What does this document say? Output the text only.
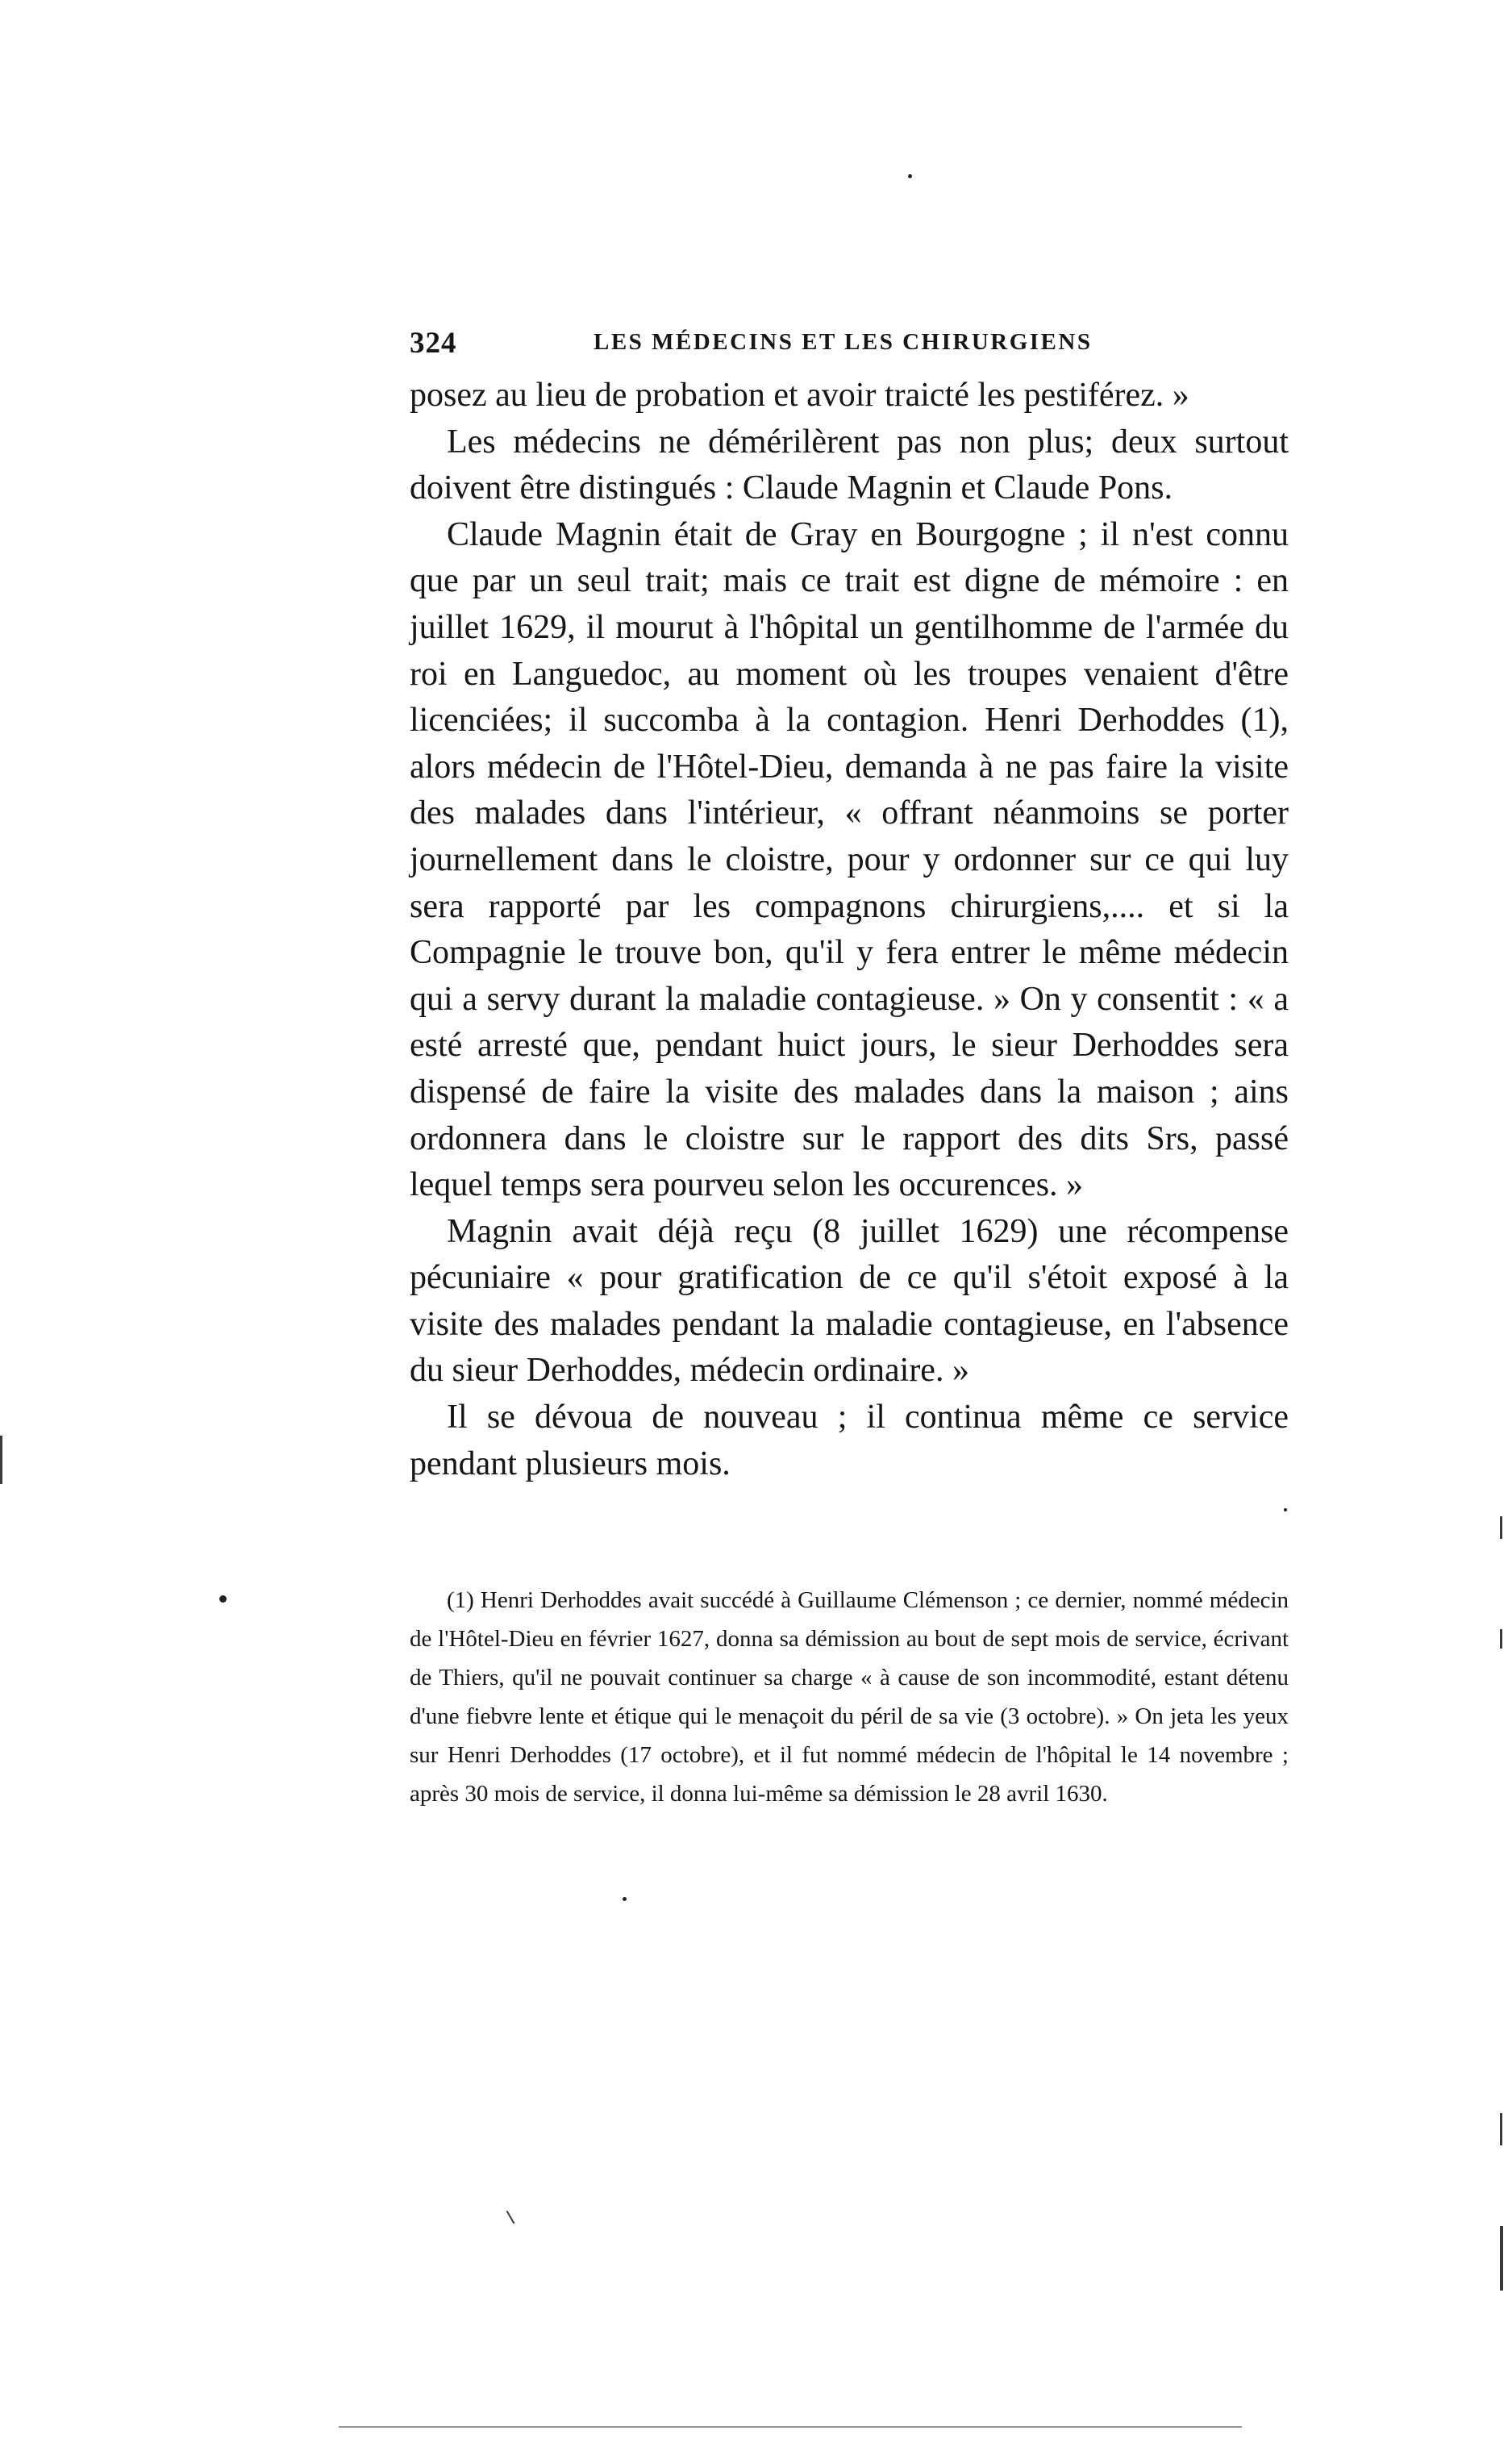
324	LES MÉDECINS ET LES CHIRURGIENS

posez au lieu de probation et avoir traicté les pestiférez. »

Les médecins ne démérilèrent pas non plus; deux surtout doivent être distingués : Claude Magnin et Claude Pons.

Claude Magnin était de Gray en Bourgogne ; il n'est connu que par un seul trait; mais ce trait est digne de mémoire : en juillet 1629, il mourut à l'hôpital un gentilhomme de l'armée du roi en Languedoc, au moment où les troupes venaient d'être licenciées; il succomba à la contagion. Henri Derhoddes (1), alors médecin de l'Hôtel-Dieu, demanda à ne pas faire la visite des malades dans l'intérieur, « offrant néanmoins se porter journellement dans le cloistre, pour y ordonner sur ce qui luy sera rapporté par les compagnons chirurgiens,.... et si la Compagnie le trouve bon, qu'il y fera entrer le même médecin qui a servy durant la maladie contagieuse. » On y consentit : « a esté arresté que, pendant huict jours, le sieur Derhoddes sera dispensé de faire la visite des malades dans la maison ; ains ordonnera dans le cloistre sur le rapport des dits Srs, passé lequel temps sera pourveu selon les occurences. »

Magnin avait déjà reçu (8 juillet 1629) une récompense pécuniaire « pour gratification de ce qu'il s'étoit exposé à la visite des malades pendant la maladie contagieuse, en l'absence du sieur Derhoddes, médecin ordinaire. »

Il se dévoua de nouveau ; il continua même ce service pendant plusieurs mois.

(1) Henri Derhoddes avait succédé à Guillaume Clémenson ; ce dernier, nommé médecin de l'Hôtel-Dieu en février 1627, donna sa démission au bout de sept mois de service, écrivant de Thiers, qu'il ne pouvait continuer sa charge « à cause de son incommodité, estant détenu d'une fiebvre lente et étique qui le menaçoit du péril de sa vie (3 octobre). » On jeta les yeux sur Henri Derhoddes (17 octobre), et il fut nommé médecin de l'hôpital le 14 novembre ; après 30 mois de service, il donna lui-même sa démission le 28 avril 1630.
